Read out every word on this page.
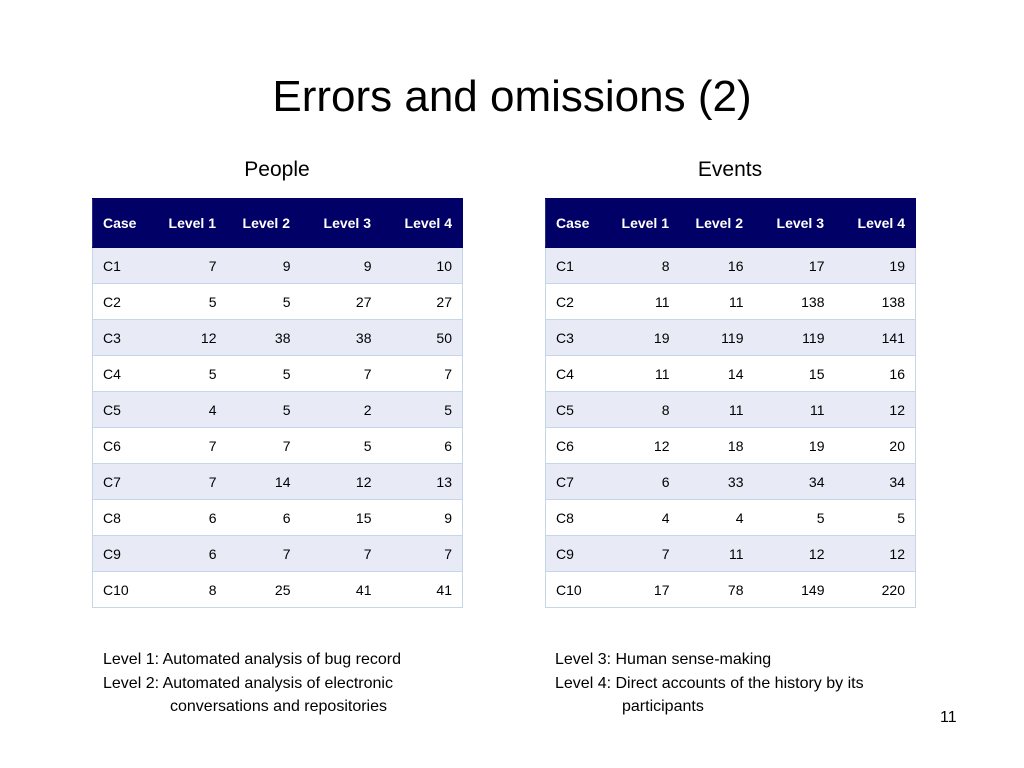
Errors and omissions (2)
People	Events
Case	Level 1	Level 2	Level 3	Level 4
C1	7	9	9	10
C2	5	5	27	27
C3	12	38	38	50
C4	5	5	7	7
C5	4	5	2	5
C6	7	7	5	6
C7	7	14	12	13
C8	6	6	15	9
C9	6	7	7	7
C10	8	25	41	41
Case	Level 1	Level 2	Level 3	Level 4
C1	8	16	17	19
C2	11	11	138	138
C3	19	119	119	141
C4	11	14	15	16
C5	8	11	11	12
C6	12	18	19	20
C7	6	33	34	34
C8	4	4	5	5
C9	7	11	12	12
C10	17	78	149	220
Level 1: Automated analysis of bug record
Level 2: Automated analysis of electronic
conversations and repositories
Level 3: Human sense-making
Level 4: Direct accounts of the history by its
participants
11
